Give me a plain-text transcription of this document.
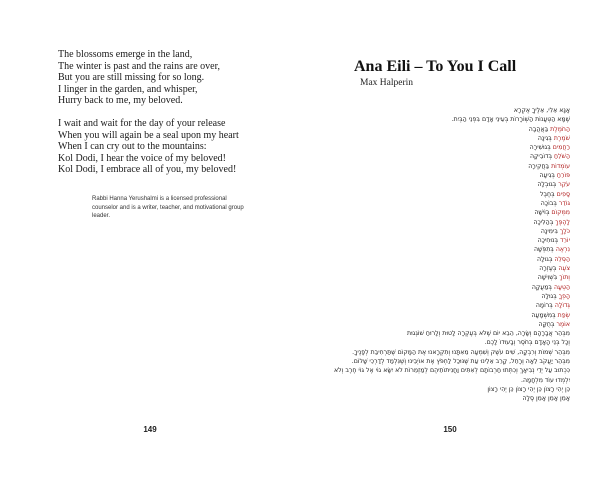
The blossoms emerge in the land,
The winter is past and the rains are over,
But you are still missing for so long.
I linger in the garden, and whisper,
Hurry back to me, my beloved.
I wait and wait for the day of your release
When you will again be a seal upon my heart
When I can cry out to the mountains:
Kol Dodi, I hear the voice of my beloved!
Kol Dodi, I embrace all of you, my beloved!
Rabbi Hanna Yerushalmi is a licensed professional counselor and is a writer, teacher, and motivational group leader.
149
Ana Eili – To You I Call
Max Halperin
אָנָּא אֵלִי, אֵלֶיךָ אֶקְרָא
שֶׁמָּא הַטְּעָנוֹת הַשְּׁוֹרָרוֹת בְּעֵינֵי אָדָם בִּפְנֵי הַבְּיִת.
הַחֹמֶלֶת בַּאֲהֲבָה
שֹׁמֶרֶת בְּגִינָה
רַחֲמִים בְּגוּשִׁירָה
הַשֹּׁלֵחַ בְּדוֹבֵיקָה
עוֹמְדוֹת בַּחֲקִירָה
פּוֹרֵחַ בְּגִיעָה
עֹקֵר בְּגוּבְלָה
סָפִים בְּחֶבֶל
גּוֹדֵר בְּבוֹכָה
מִמְּקוֹם בְּוֹישָׁה
לָהֶפֶּךְ בְּהַלִּיכָה
כֹּלָךְ בִּימִינָה
יוֹרֵד בְּנוּחִיכָה
נִרְאֶה בְּתִפְּשָׁה
הַסְּלֵה בְּגוּלָה
צֹעֶה בְּעֶזְרָה
וְתוֹךְ בִּשְׁוִישָׁה
הַטְּעָה בְּמַעֲקָה
הָפְךָ בְּגוּלָה
גְּדוֹלָה בְּרוֹמָה
שְׂפַת בְּמִשְׁמָעָה
אוֹמֶר בְּחֻקָּה
מִבְּהֵר אֲבָרָהָם וְשָׂרָה, הֵבֵא יוֹם שֶׁלֹּא בְּעֶקְרָה לָטוּת וְלָרוּחַ שׁוֹגְגוּת
וְכָל בְּנֵי הָאָדָם בְּחֹסֶר וְבָעוּדוֹ לָכֶם.
מִבְּהֵר שְׁמוֹת וְרִבְקָה, שִׁים עֹשֶׁק וְשִׁמְעָה מֵאִתָּנוּ וְתִקְרָאנוּ אֶת הַמָּקוֹם שֶׁתַּרְחִיבַת לְפָנֶיךָ.
מִבְּהֵר יַעֲקֹב לֵאָה וְרָחֵל, קָרֵב אֵלֵינוּ עַת שֶׁנּוּכַל לַחְפֹּץ אֶת אוֹיְבֵינוּ וְשֶׁנִּלְמַד לְדַרְכֵי שָׁלוֹם.
כִּכְתוּב עַל יְדֵי נְבִיאָךְ וְכִתְּתוּ חַרְבוֹתָם לְאִתִּים וַחֲנִיתוֹתֵיהֶם לְמַזְמֵרוֹת לֹא יִשָּׂא גוֹי אֶל גּוֹי חֶרֶב וְלֹא יִלְמְדוּ עוֹד מִלְחָמָה.
כֵּן יְהִי רָצוֹן כֵּן יְהִי רָצוֹן כֵּן יְהִי רָצוֹן
אָמֵן אָמֵן אָמֵן סֶלָה
150
